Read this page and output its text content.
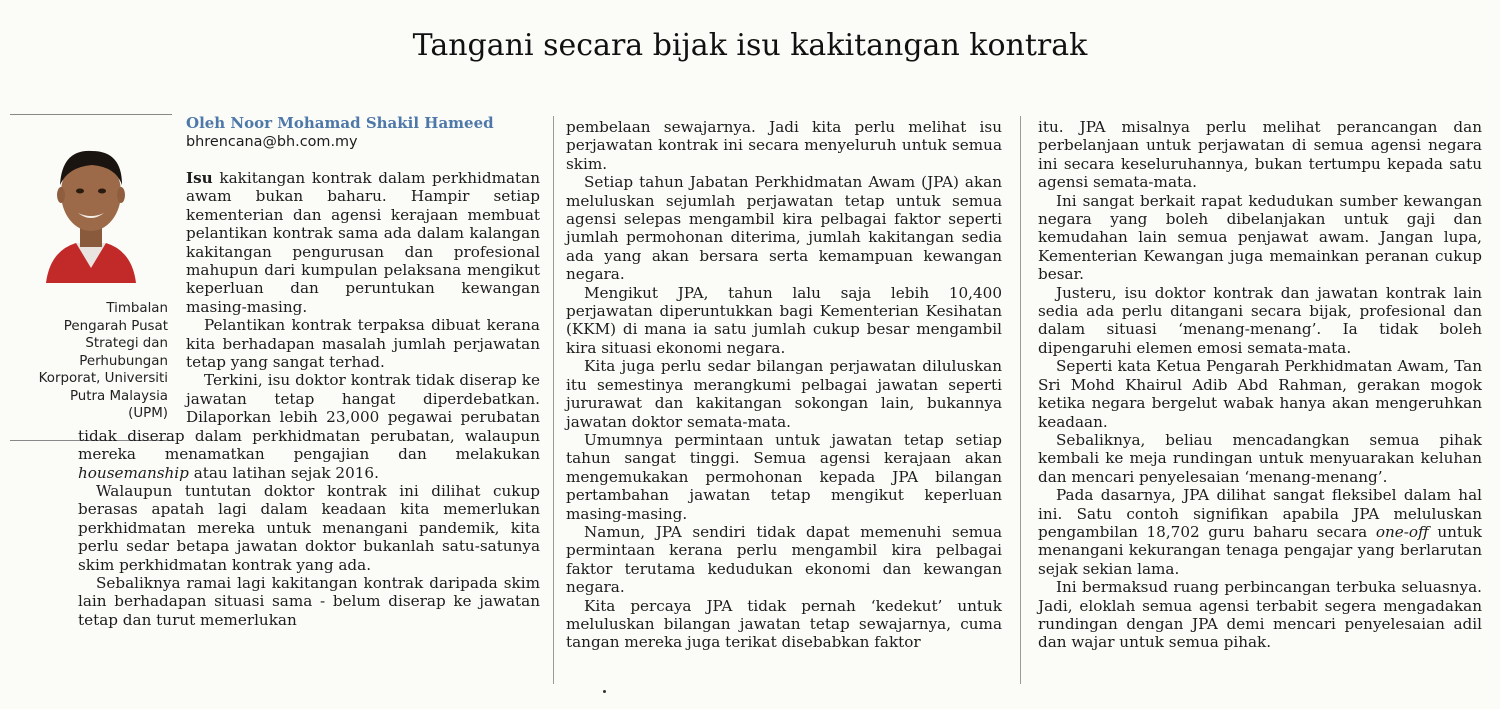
Tangani secara bijak isu kakitangan kontrak
Timbalan
Pengarah Pusat
Strategi dan
Perhubungan
Korporat, Universiti
Putra Malaysia
(UPM)
Oleh Noor Mohamad Shakil Hameed
bhrencana@bh.com.my

Isu kakitangan kontrak dalam perkhidmatan awam bukan baharu. Hampir setiap kementerian dan agensi kerajaan membuat pelantikan kontrak sama ada dalam kalangan kakitangan pengurusan dan profesional mahupun dari kumpulan pelaksana mengikut keperluan dan peruntukan kewangan masing-masing.

Pelantikan kontrak terpaksa dibuat kerana kita berhadapan masalah jumlah perjawatan tetap yang sangat terhad.

Terkini, isu doktor kontrak tidak diserap ke jawatan tetap hangat diperdebatkan. Dilaporkan lebih 23,000 pegawai perubatan tidak diserap dalam perkhidmatan perubatan, walaupun mereka menamatkan pengajian dan melakukan housemanship atau latihan sejak 2016.

Walaupun tuntutan doktor kontrak ini dilihat cukup berasas apatah lagi dalam keadaan kita memerlukan perkhidmatan mereka untuk menangani pandemik, kita perlu sedar betapa jawatan doktor bukanlah satu-satunya skim perkhidmatan kontrak yang ada.

Sebaliknya ramai lagi kakitangan kontrak daripada skim lain berhadapan situasi sama - belum diserap ke jawatan tetap dan turut memerlukan

pembelaan sewajarnya. Jadi kita perlu melihat isu perjawatan kontrak ini secara menyeluruh untuk semua skim.

Setiap tahun Jabatan Perkhidmatan Awam (JPA) akan meluluskan sejumlah perjawatan tetap untuk semua agensi selepas mengambil kira pelbagai faktor seperti jumlah permohonan diterima, jumlah kakitangan sedia ada yang akan bersara serta kemampuan kewangan negara.

Mengikut JPA, tahun lalu saja lebih 10,400 perjawatan diperuntukkan bagi Kementerian Kesihatan (KKM) di mana ia satu jumlah cukup besar mengambil kira situasi ekonomi negara.

Kita juga perlu sedar bilangan perjawatan diluluskan itu semestinya merangkumi pelbagai jawatan seperti jururawat dan kakitangan sokongan lain, bukannya jawatan doktor semata-mata.

Umumnya permintaan untuk jawatan tetap setiap tahun sangat tinggi. Semua agensi kerajaan akan mengemukakan permohonan kepada JPA bilangan pertambahan jawatan tetap mengikut keperluan masing-masing.

Namun, JPA sendiri tidak dapat memenuhi semua permintaan kerana perlu mengambil kira pelbagai faktor terutama kedudukan ekonomi dan kewangan negara.

Kita percaya JPA tidak pernah ‘kedekut’ untuk meluluskan bilangan jawatan tetap sewajarnya, cuma tangan mereka juga terikat disebabkan faktor

itu. JPA misalnya perlu melihat perancangan dan perbelanjaan untuk perjawatan di semua agensi negara ini secara keseluruhannya, bukan tertumpu kepada satu agensi semata-mata.

Ini sangat berkait rapat kedudukan sumber kewangan negara yang boleh dibelanjakan untuk gaji dan kemudahan lain semua penjawat awam. Jangan lupa, Kementerian Kewangan juga memainkan peranan cukup besar.

Justeru, isu doktor kontrak dan jawatan kontrak lain sedia ada perlu ditangani secara bijak, profesional dan dalam situasi ‘menang-menang’. Ia tidak boleh dipengaruhi elemen emosi semata-mata.

Seperti kata Ketua Pengarah Perkhidmatan Awam, Tan Sri Mohd Khairul Adib Abd Rahman, gerakan mogok ketika negara bergelut wabak hanya akan mengeruhkan keadaan.

Sebaliknya, beliau mencadangkan semua pihak kembali ke meja rundingan untuk menyuarakan keluhan dan mencari penyelesaian ‘menang-menang’.

Pada dasarnya, JPA dilihat sangat fleksibel dalam hal ini. Satu contoh signifikan apabila JPA meluluskan pengambilan 18,702 guru baharu secara one-off untuk menangani kekurangan tenaga pengajar yang berlarutan sejak sekian lama.

Ini bermaksud ruang perbincangan terbuka seluasnya. Jadi, eloklah semua agensi terbabit segera mengadakan rundingan dengan JPA demi mencari penyelesaian adil dan wajar untuk semua pihak.
